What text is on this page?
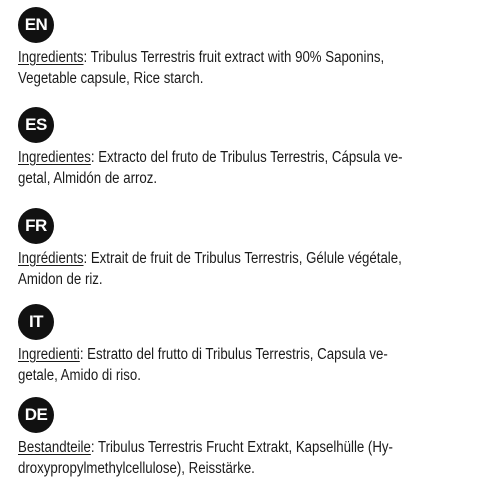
EN
Ingredients: Tribulus Terrestris fruit extract with 90% Saponins,
Vegetable capsule, Rice starch.
ES
Ingredientes: Extracto del fruto de Tribulus Terrestris, Cápsula ve-
getal, Almidón de arroz.
FR
Ingrédients: Extrait de fruit de Tribulus Terrestris, Gélule végétale,
Amidon de riz.
IT
Ingredienti: Estratto del frutto di Tribulus Terrestris, Capsula ve-
getale, Amido di riso.
DE
Bestandteile: Tribulus Terrestris Frucht Extrakt, Kapselhülle (Hy-
droxypropylmethylcellulose), Reisstärke.
